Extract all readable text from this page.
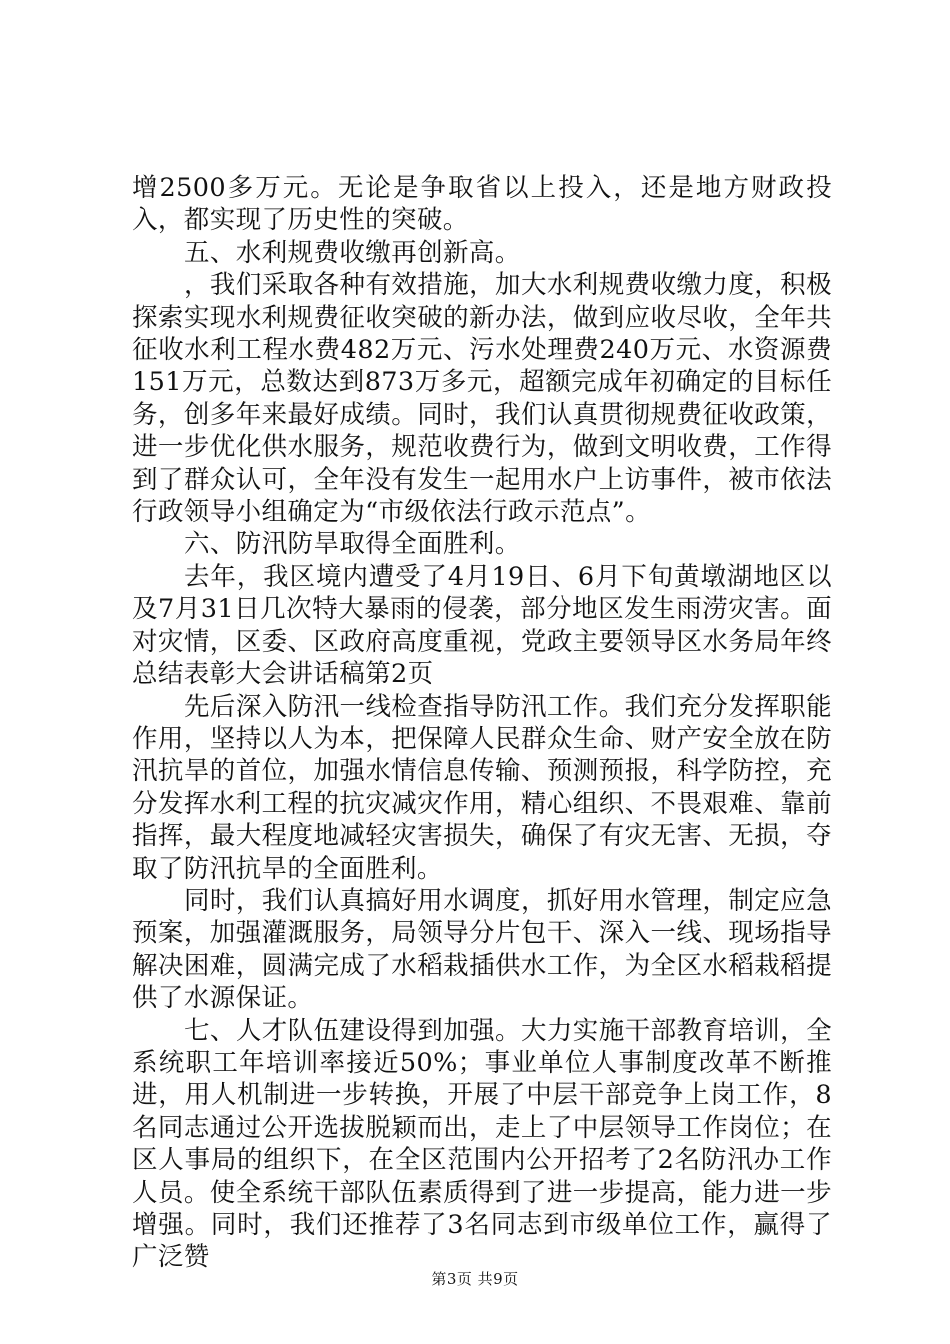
增2500多万元。无论是争取省以上投入，还是地方财政投入，都实现了历史性的突破。

五、水利规费收缴再创新高。

，我们采取各种有效措施，加大水利规费收缴力度，积极探索实现水利规费征收突破的新办法，做到应收尽收，全年共征收水利工程水费482万元、污水处理费240万元、水资源费151万元，总数达到873万多元，超额完成年初确定的目标任务，创多年来最好成绩。同时，我们认真贯彻规费征收政策，进一步优化供水服务，规范收费行为，做到文明收费，工作得到了群众认可，全年没有发生一起用水户上访事件，被市依法行政领导小组确定为“市级依法行政示范点”。

六、防汛防旱取得全面胜利。

去年，我区境内遭受了4月19日、6月下旬黄墩湖地区以及7月31日几次特大暴雨的侵袭，部分地区发生雨涝灾害。面对灾情，区委、区政府高度重视，党政主要领导区水务局年终总结表彰大会讲话稿第2页

先后深入防汛一线检查指导防汛工作。我们充分发挥职能作用，坚持以人为本，把保障人民群众生命、财产安全放在防汛抗旱的首位，加强水情信息传输、预测预报，科学防控，充分发挥水利工程的抗灾减灾作用，精心组织、不畏艰难、靠前指挥，最大程度地减轻灾害损失，确保了有灾无害、无损，夺取了防汛抗旱的全面胜利。

同时，我们认真搞好用水调度，抓好用水管理，制定应急预案，加强灌溉服务，局领导分片包干、深入一线、现场指导解决困难，圆满完成了水稻栽插供水工作，为全区水稻栽稻提供了水源保证。

七、人才队伍建设得到加强。大力实施干部教育培训，全系统职工年培训率接近50%；事业单位人事制度改革不断推进，用人机制进一步转换，开展了中层干部竞争上岗工作，8名同志通过公开选拔脱颖而出，走上了中层领导工作岗位；在区人事局的组织下，在全区范围内公开招考了2名防汛办工作人员。使全系统干部队伍素质得到了进一步提高，能力进一步增强。同时，我们还推荐了3名同志到市级单位工作，赢得了广泛赞

第3页 共9页
